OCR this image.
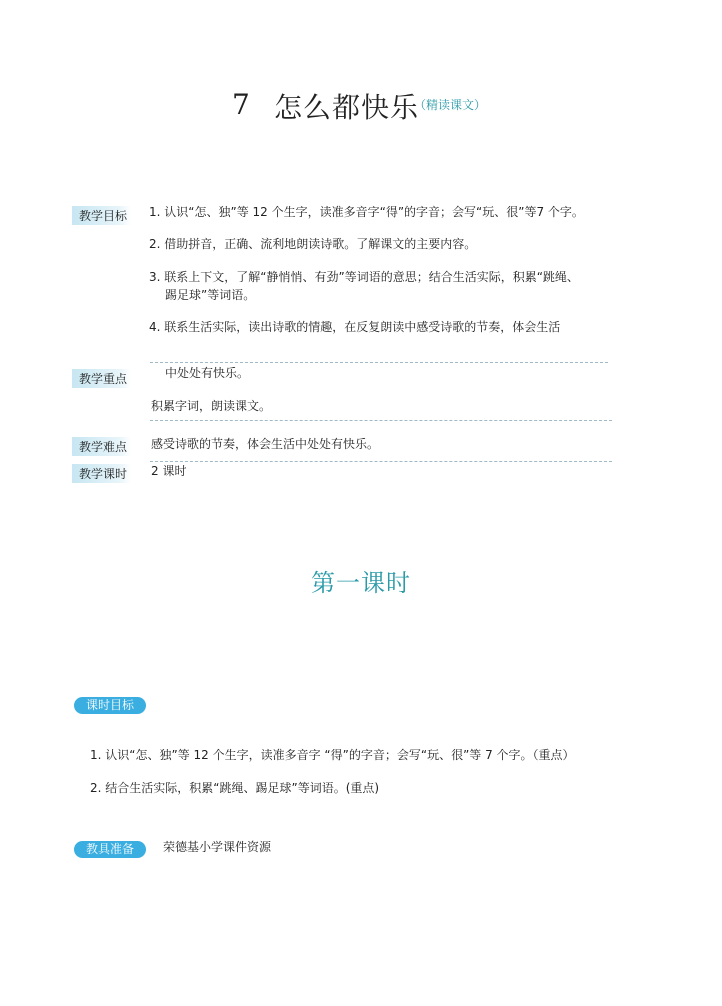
7 怎么都快乐
（精读课文）
教学目标	1. 认识“怎、独”等 12 个生字，读准多音字“得”的字音；会写“玩、很”等7 个字。
2. 借助拼音，正确、流利地朗读诗歌。了解课文的主要内容。
3. 联系上下文，了解“静悄悄、有劲”等词语的意思；结合生活实际，积累“跳绳、
踢足球”等词语。
4. 联系生活实际，读出诗歌的情趣，在反复朗读中感受诗歌的节奏，体会生活
中处处有快乐。
教学重点
积累字词，朗读课文。
教学难点	感受诗歌的节奏，体会生活中处处有快乐。
教学课时	2 课时
第一课时
课时目标
1. 认识“怎、独”等 12 个生字，读准多音字 “得”的字音；会写“玩、很”等 7 个字。（重点）
2. 结合生活实际，积累“跳绳、踢足球”等词语。(重点)
教具准备	荣德基小学课件资源
